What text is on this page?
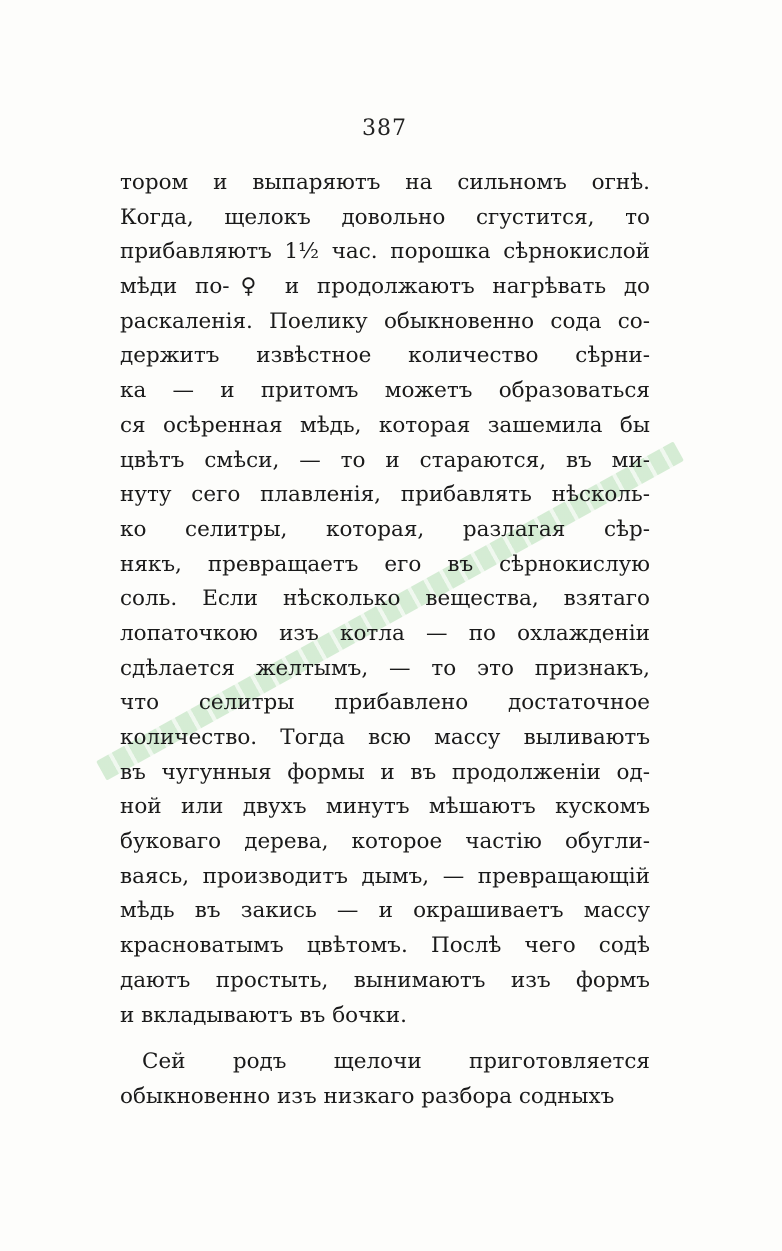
387
тором и выпаряютъ на сильномъ огнѣ.
Когда, щелокъ довольно сгустится, то
прибавляютъ 1½ час. порошка сѣрнокислой
мѣди по-♀ и продолжаютъ нагрѣвать до
раскаленія. Поелику обыкновенно сода со-
держитъ извѣстное количество сѣрни-
ка — и притомъ можетъ образоваться
ся осѣренная мѣдь, которая зашемила бы
цвѣтъ смѣси, — то и стараются, въ ми-
нуту сего плавленія, прибавлять нѣсколь-
ко селитры, которая, разлагая сѣр-
някъ, превращаетъ его въ сѣрнокислую
соль. Если нѣсколько вещества, взятаго
лопаточкою изъ котла — по охлажденіи
сдѣлается желтымъ, — то это признакъ,
что селитры прибавлено достаточное
количество. Тогда всю массу выливаютъ
въ чугунныя формы и въ продолженіи од-
ной или двухъ минутъ мѣшаютъ кускомъ
буковаго дерева, которое частію обугли-
ваясь, производитъ дымъ, — превращающій
мѣдь въ закись — и окрашиваетъ массу
красноватымъ цвѣтомъ. Послѣ чего содѣ
даютъ простыть, вынимаютъ изъ формъ
и вкладываютъ въ бочки.
Сей родъ щелочи приготовляется
обыкновенно изъ низкаго разбора содныхъ
